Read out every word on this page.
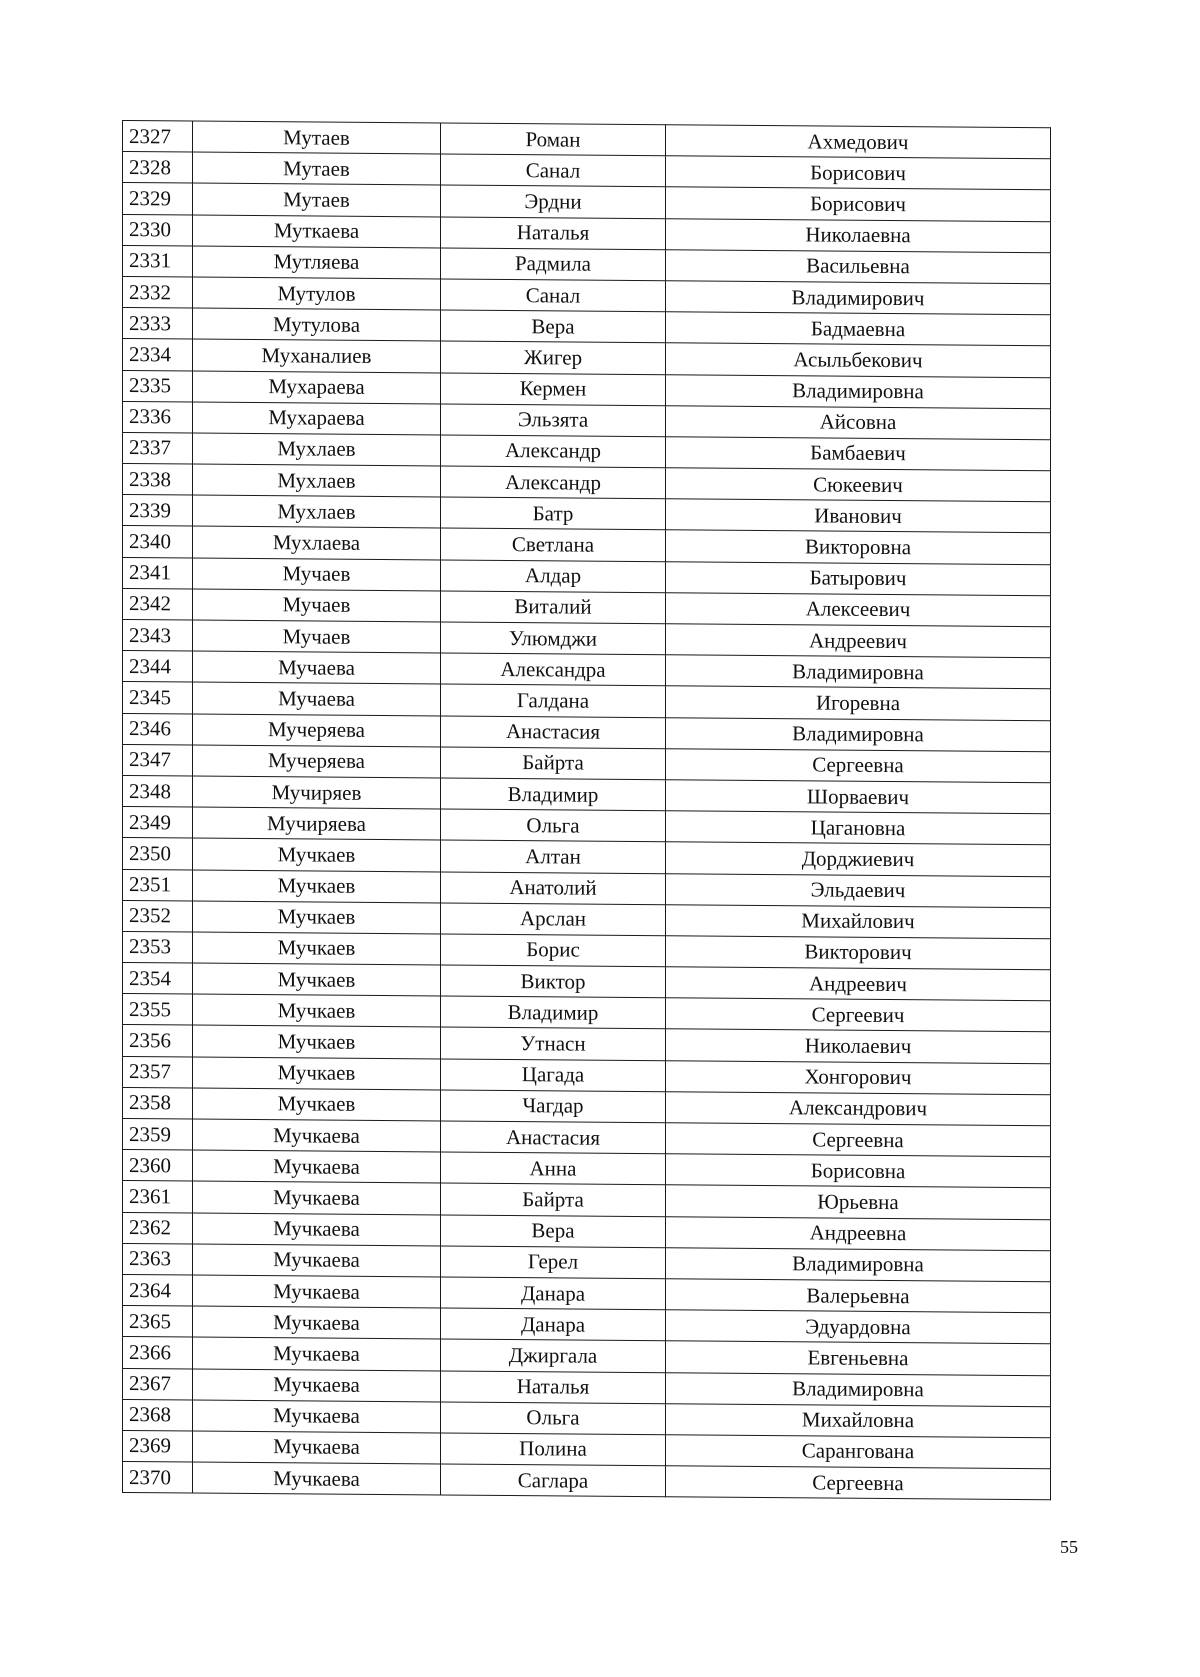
2327	Мутаев	Роман	Ахмедович
2328	Мутаев	Санал	Борисович
2329	Мутаев	Эрдни	Борисович
2330	Муткаева	Наталья	Николаевна
2331	Мутляева	Радмила	Васильевна
2332	Мутулов	Санал	Владимирович
2333	Мутулова	Вера	Бадмаевна
2334	Муханалиев	Жигер	Асыльбекович
2335	Мухараева	Кермен	Владимировна
2336	Мухараева	Эльзята	Айсовна
2337	Мухлаев	Александр	Бамбаевич
2338	Мухлаев	Александр	Сюкеевич
2339	Мухлаев	Батр	Иванович
2340	Мухлаева	Светлана	Викторовна
2341	Мучаев	Алдар	Батырович
2342	Мучаев	Виталий	Алексеевич
2343	Мучаев	Улюмджи	Андреевич
2344	Мучаева	Александра	Владимировна
2345	Мучаева	Галдана	Игоревна
2346	Мучеряева	Анастасия	Владимировна
2347	Мучеряева	Байрта	Сергеевна
2348	Мучиряев	Владимир	Шорваевич
2349	Мучиряева	Ольга	Цагановна
2350	Мучкаев	Алтан	Дорджиевич
2351	Мучкаев	Анатолий	Эльдаевич
2352	Мучкаев	Арслан	Михайлович
2353	Мучкаев	Борис	Викторович
2354	Мучкаев	Виктор	Андреевич
2355	Мучкаев	Владимир	Сергеевич
2356	Мучкаев	Утнасн	Николаевич
2357	Мучкаев	Цагада	Хонгорович
2358	Мучкаев	Чагдар	Александрович
2359	Мучкаева	Анастасия	Сергеевна
2360	Мучкаева	Анна	Борисовна
2361	Мучкаева	Байрта	Юрьевна
2362	Мучкаева	Вера	Андреевна
2363	Мучкаева	Герел	Владимировна
2364	Мучкаева	Данара	Валерьевна
2365	Мучкаева	Данара	Эдуардовна
2366	Мучкаева	Джиргала	Евгеньевна
2367	Мучкаева	Наталья	Владимировна
2368	Мучкаева	Ольга	Михайловна
2369	Мучкаева	Полина	Сарангована
2370	Мучкаева	Саглара	Сергеевна
55
